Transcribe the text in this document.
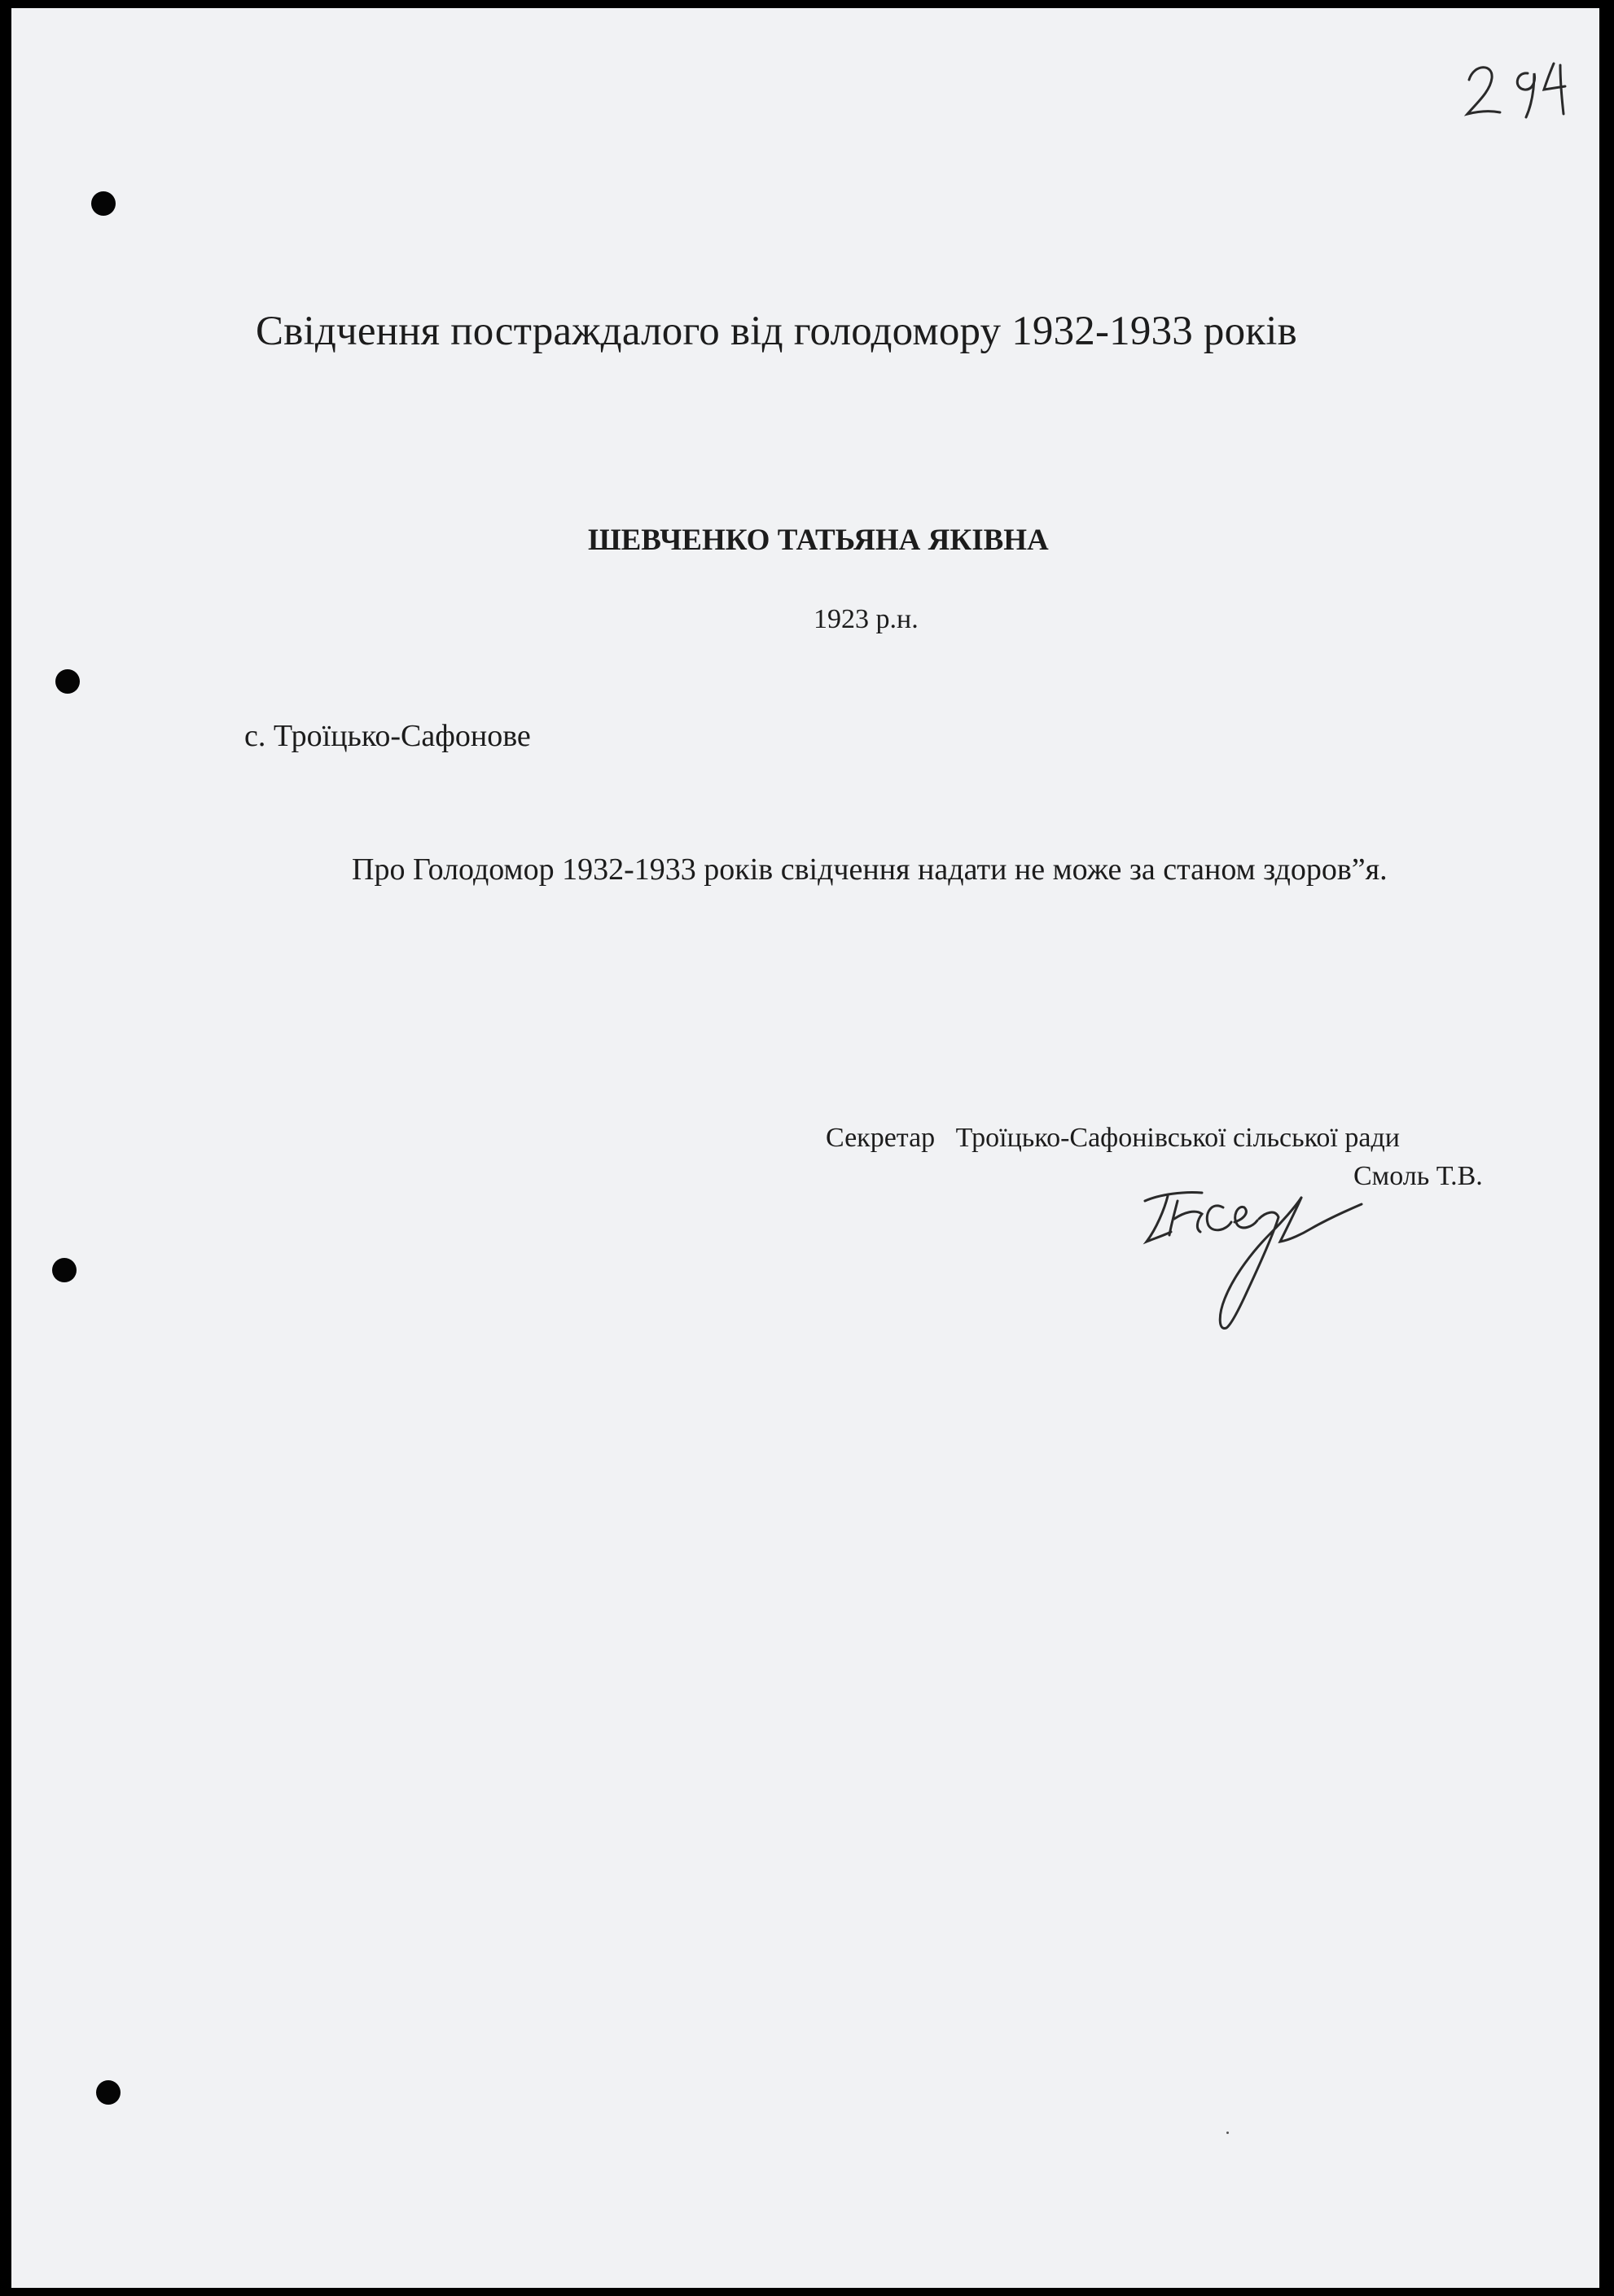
Свідчення постраждалого від голодомору 1932-1933 років
ШЕВЧЕНКО ТАТЬЯНА ЯКІВНА
1923 р.н.
с. Троїцько-Сафонове
Про Голодомор 1932-1933 років свідчення надати не може за станом здоров”я.
Секретар Троїцько-Сафонівської сільської ради
Смоль Т.В.
